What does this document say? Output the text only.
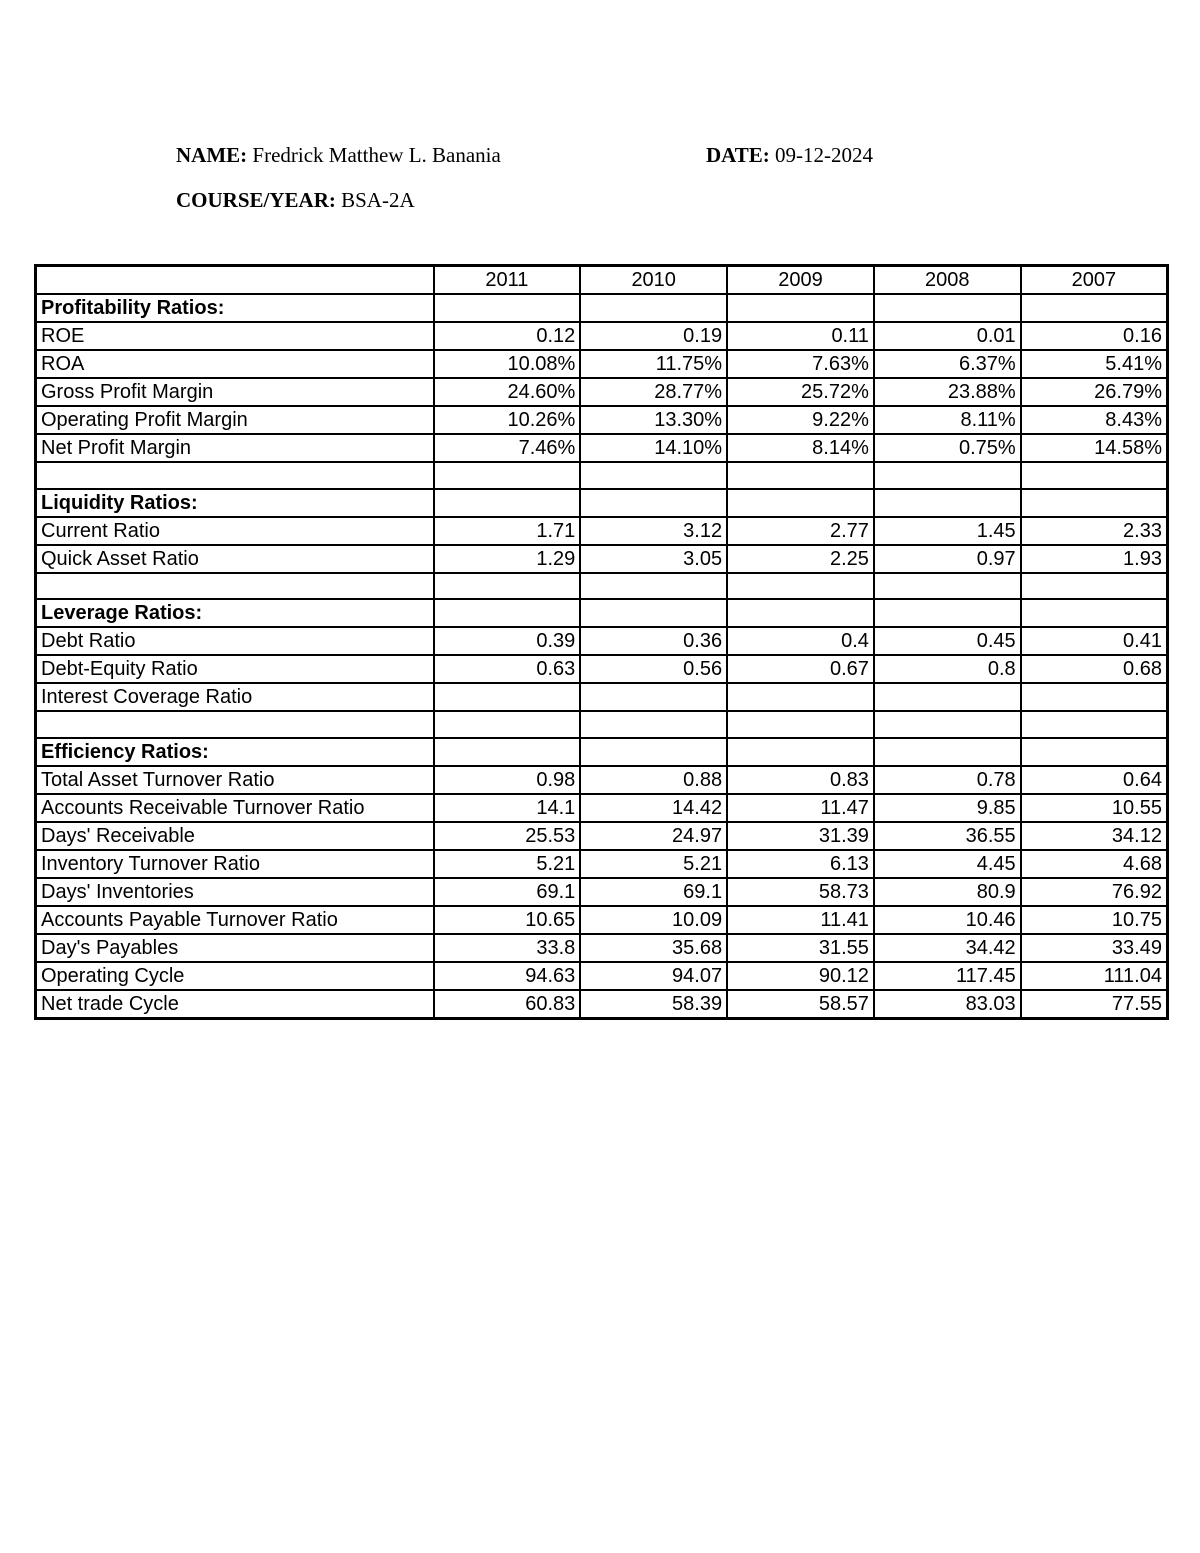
NAME: Fredrick Matthew L. Banania	DATE: 09-12-2024
COURSE/YEAR: BSA-2A
	2011	2010	2009	2008	2007
Profitability Ratios:					
ROE	0.12	0.19	0.11	0.01	0.16
ROA	10.08%	11.75%	7.63%	6.37%	5.41%
Gross Profit Margin	24.60%	28.77%	25.72%	23.88%	26.79%
Operating Profit Margin	10.26%	13.30%	9.22%	8.11%	8.43%
Net Profit Margin	7.46%	14.10%	8.14%	0.75%	14.58%

Liquidity Ratios:					
Current Ratio	1.71	3.12	2.77	1.45	2.33
Quick Asset Ratio	1.29	3.05	2.25	0.97	1.93

Leverage Ratios:					
Debt Ratio	0.39	0.36	0.4	0.45	0.41
Debt-Equity Ratio	0.63	0.56	0.67	0.8	0.68
Interest Coverage Ratio					

Efficiency Ratios:					
Total Asset Turnover Ratio	0.98	0.88	0.83	0.78	0.64
Accounts Receivable Turnover Ratio	14.1	14.42	11.47	9.85	10.55
Days' Receivable	25.53	24.97	31.39	36.55	34.12
Inventory Turnover Ratio	5.21	5.21	6.13	4.45	4.68
Days' Inventories	69.1	69.1	58.73	80.9	76.92
Accounts Payable Turnover Ratio	10.65	10.09	11.41	10.46	10.75
Day's Payables	33.8	35.68	31.55	34.42	33.49
Operating Cycle	94.63	94.07	90.12	117.45	111.04
Net trade Cycle	60.83	58.39	58.57	83.03	77.55
